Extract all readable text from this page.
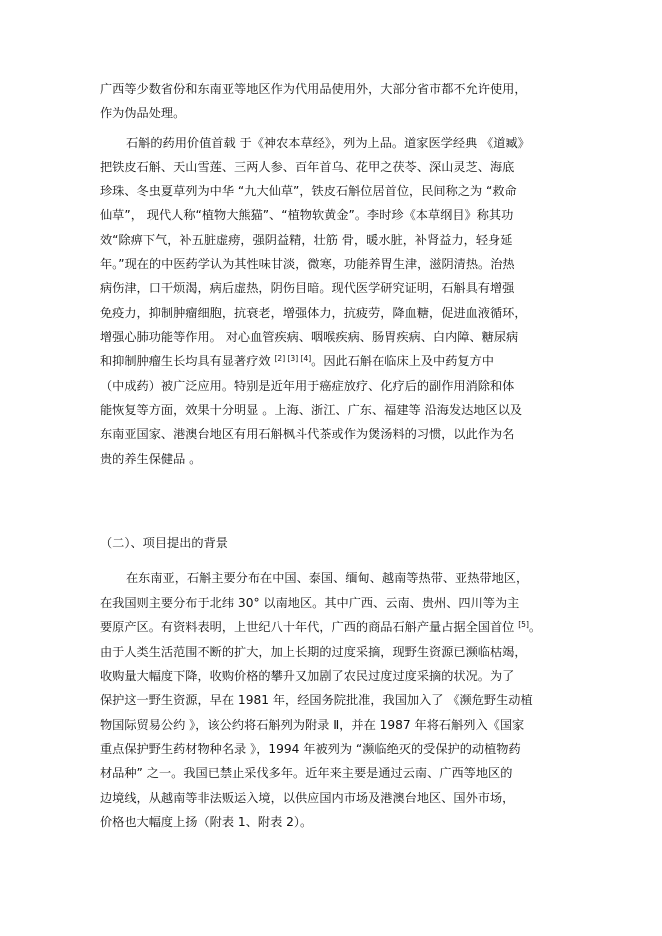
广西等少数省份和东南亚等地区作为代用品使用外，大部分省市都不允许使用，
作为伪品处理。
石斛的药用价值首载 于《神农本草经》，列为上品。道家医学经典 《道臧》
把铁皮石斛、天山雪莲、三两人参、百年首乌、花甲之茯苓、深山灵芝、海底
珍珠、冬虫夏草列为中华 “九大仙草”，铁皮石斛位居首位，民间称之为 “救命
仙草”， 现代人称“植物大熊猫”、“植物软黄金”。李时珍《本草纲目》称其功
效“除痹下气，补五脏虚痨，强阴益精，壮筋 骨，暖水脏，补肾益力，轻身延
年。”现在的中医药学认为其性味甘淡，微寒，功能养胃生津，滋阴清热。治热
病伤津，口干烦渴，病后虚热，阴伤目暗。现代医学研究证明，石斛具有增强
免疫力，抑制肿瘤细胞，抗衰老，增强体力，抗疲劳，降血糖，促进血液循环，
增强心肺功能等作用。 对心血管疾病、咽喉疾病、肠胃疾病、白内障、糖尿病
和抑制肿瘤生长均具有显著疗效 [2] [3] [4]。因此石斛在临床上及中药复方中
（中成药）被广泛应用。特别是近年用于癌症放疗、化疗后的副作用消除和体
能恢复等方面，效果十分明显 。上海、浙江、广东、福建等 沿海发达地区以及
东南亚国家、港澳台地区有用石斛枫斗代茶或作为煲汤料的习惯，以此作为名
贵的养生保健品 。
（二）、项目提出的背景
在东南亚，石斛主要分布在中国、泰国、缅甸、越南等热带、亚热带地区，
在我国则主要分布于北纬 30° 以南地区。其中广西、云南、贵州、四川等为主
要原产区。有资料表明，上世纪八十年代，广西的商品石斛产量占据全国首位 [5]。
由于人类生活范围不断的扩大，加上长期的过度采摘，现野生资源已濒临枯竭，
收购量大幅度下降，收购价格的攀升又加剧了农民过度过度采摘的状况。为了
保护这一野生资源，早在 1981 年，经国务院批准，我国加入了 《濒危野生动植
物国际贸易公约 》，该公约将石斛列为附录 Ⅱ，并在 1987 年将石斛列入《国家
重点保护野生药材物种名录 》，1994 年被列为 “濒临绝灭的受保护的动植物药
材品种” 之一。我国已禁止采伐多年。近年来主要是通过云南、广西等地区的
边境线，从越南等非法贩运入境，以供应国内市场及港澳台地区、国外市场，
价格也大幅度上扬（附表 1、附表 2）。
